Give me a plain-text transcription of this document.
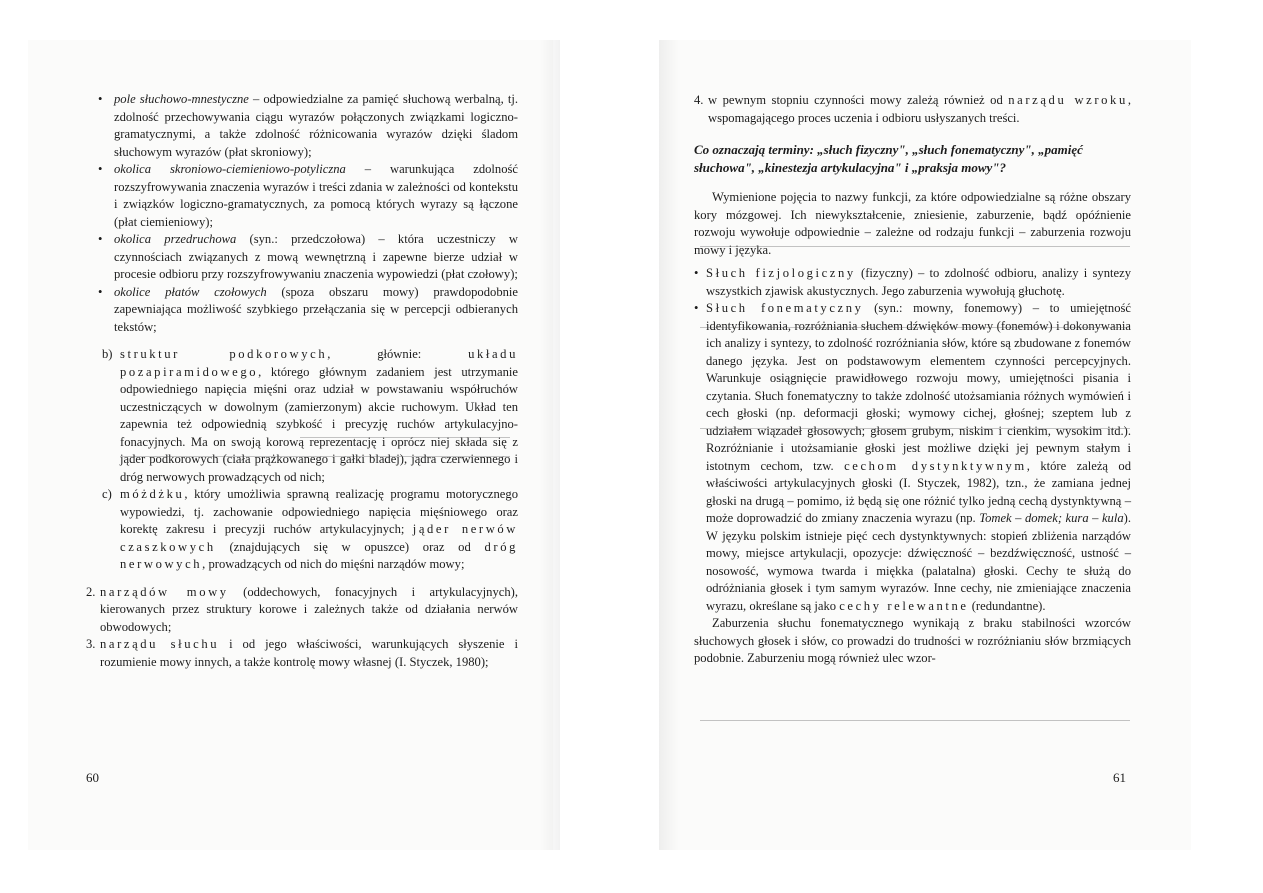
• pole słuchowo-mnestyczne – odpowiedzialne za pamięć słuchową werbalną, tj. zdolność przechowywania ciągu wyrazów połączonych związkami logiczno-gramatycznymi, a także zdolność różnicowania wyrazów dzięki śladom słuchowym wyrazów (płat skroniowy);
• okolica skroniowo-ciemieniowo-potyliczna – warunkująca zdolność rozszyfrowywania znaczenia wyrazów i treści zdania w zależności od kontekstu i związków logiczno-gramatycznych, za pomocą których wyrazy są łączone (płat ciemieniowy);
• okolica przedruchowa (syn.: przedczołowa) – która uczestniczy w czynnościach związanych z mową wewnętrzną i zapewne bierze udział w procesie odbioru przy rozszyfrowywaniu znaczenia wypowiedzi (płat czołowy);
• okolice płatów czołowych (spoza obszaru mowy) prawdopodobnie zapewniająca możliwość szybkiego przełączania się w percepcji odbieranych tekstów;
b) struktur podkorowych, głównie: układu pozapiramidowego, którego głównym zadaniem jest utrzymanie odpowiedniego napięcia mięśni oraz udział w powstawaniu współruchów uczestniczących w dowolnym (zamierzonym) akcie ruchowym. Układ ten zapewnia też odpowiednią szybkość i precyzję ruchów artykulacyjno-fonacyjnych. Ma on swoją korową reprezentację i oprócz niej składa się z jąder podkorowych (ciała prążkowanego i gałki bladej), jądra czerwiennego i dróg nerwowych prowadzących od nich;
c) móżdżku, który umożliwia sprawną realizację programu motorycznego wypowiedzi, tj. zachowanie odpowiedniego napięcia mięśniowego oraz korektę zakresu i precyzji ruchów artykulacyjnych; jąder nerwów czaszkowych (znajdujących się w opuszce) oraz od dróg nerwowych, prowadzących od nich do mięśni narządów mowy;
2. narządów mowy (oddechowych, fonacyjnych i artykulacyjnych), kierowanych przez struktury korowe i zależnych także od działania nerwów obwodowych;
3. narządu słuchu i od jego właściwości, warunkujących słyszenie i rozumienie mowy innych, a także kontrolę mowy własnej (I. Styczek, 1980);
60
4. w pewnym stopniu czynności mowy zależą również od narządu wzroku, wspomagającego proces uczenia i odbioru usłyszanych treści.
Co oznaczają terminy: „słuch fizyczny", „słuch fonematyczny", „pamięć słuchowa", „kinestezja artykulacyjna" i „praksja mowy"?
Wymienione pojęcia to nazwy funkcji, za które odpowiedzialne są różne obszary kory mózgowej. Ich niewykształcenie, zniesienie, zaburzenie, bądź opóźnienie rozwoju wywołuje odpowiednie – zależne od rodzaju funkcji – zaburzenia rozwoju mowy i języka.
• Słuch fizjologiczny (fizyczny) – to zdolność odbioru, analizy i syntezy wszystkich zjawisk akustycznych. Jego zaburzenia wywołują głuchotę.
• Słuch fonematyczny (syn.: mowny, fonemowy) – to umiejętność identyfikowania, rozróżniania słuchem dźwięków mowy (fonemów) i dokonywania ich analizy i syntezy, to zdolność rozróżniania słów, które są zbudowane z fonemów danego języka. Jest on podstawowym elementem czynności percepcyjnych. Warunkuje osiągnięcie prawidłowego rozwoju mowy, umiejętności pisania i czytania. Słuch fonematyczny to także zdolność utożsamiania różnych wymówień i cech głoski (np. deformacji głoski; wymowy cichej, głośnej; szeptem lub z udziałem wiązadeł głosowych; głosem grubym, niskim i cienkim, wysokim itd.). Rozróżnianie i utożsamianie głoski jest możliwe dzięki jej pewnym stałym i istotnym cechom, tzw. cechom dystynktywnym, które zależą od właściwości artykulacyjnych głoski (I. Styczek, 1982), tzn., że zamiana jednej głoski na drugą – pomimo, iż będą się one różnić tylko jedną cechą dystynktywną – może doprowadzić do zmiany znaczenia wyrazu (np. Tomek – domek; kura – kula). W języku polskim istnieje pięć cech dystynktywnych: stopień zbliżenia narządów mowy, miejsce artykulacji, opozycje: dźwięczność – bezdźwięczność, ustność – nosowość, wymowa twarda i miękka (palatalna) głoski. Cechy te służą do odróżniania głosek i tym samym wyrazów. Inne cechy, nie zmieniające znaczenia wyrazu, określane są jako cechy relewantne (redundantne).
Zaburzenia słuchu fonematycznego wynikają z braku stabilności wzorców słuchowych głosek i słów, co prowadzi do trudności w rozróżnianiu słów brzmiących podobnie. Zaburzeniu mogą również ulec wzor-
61
